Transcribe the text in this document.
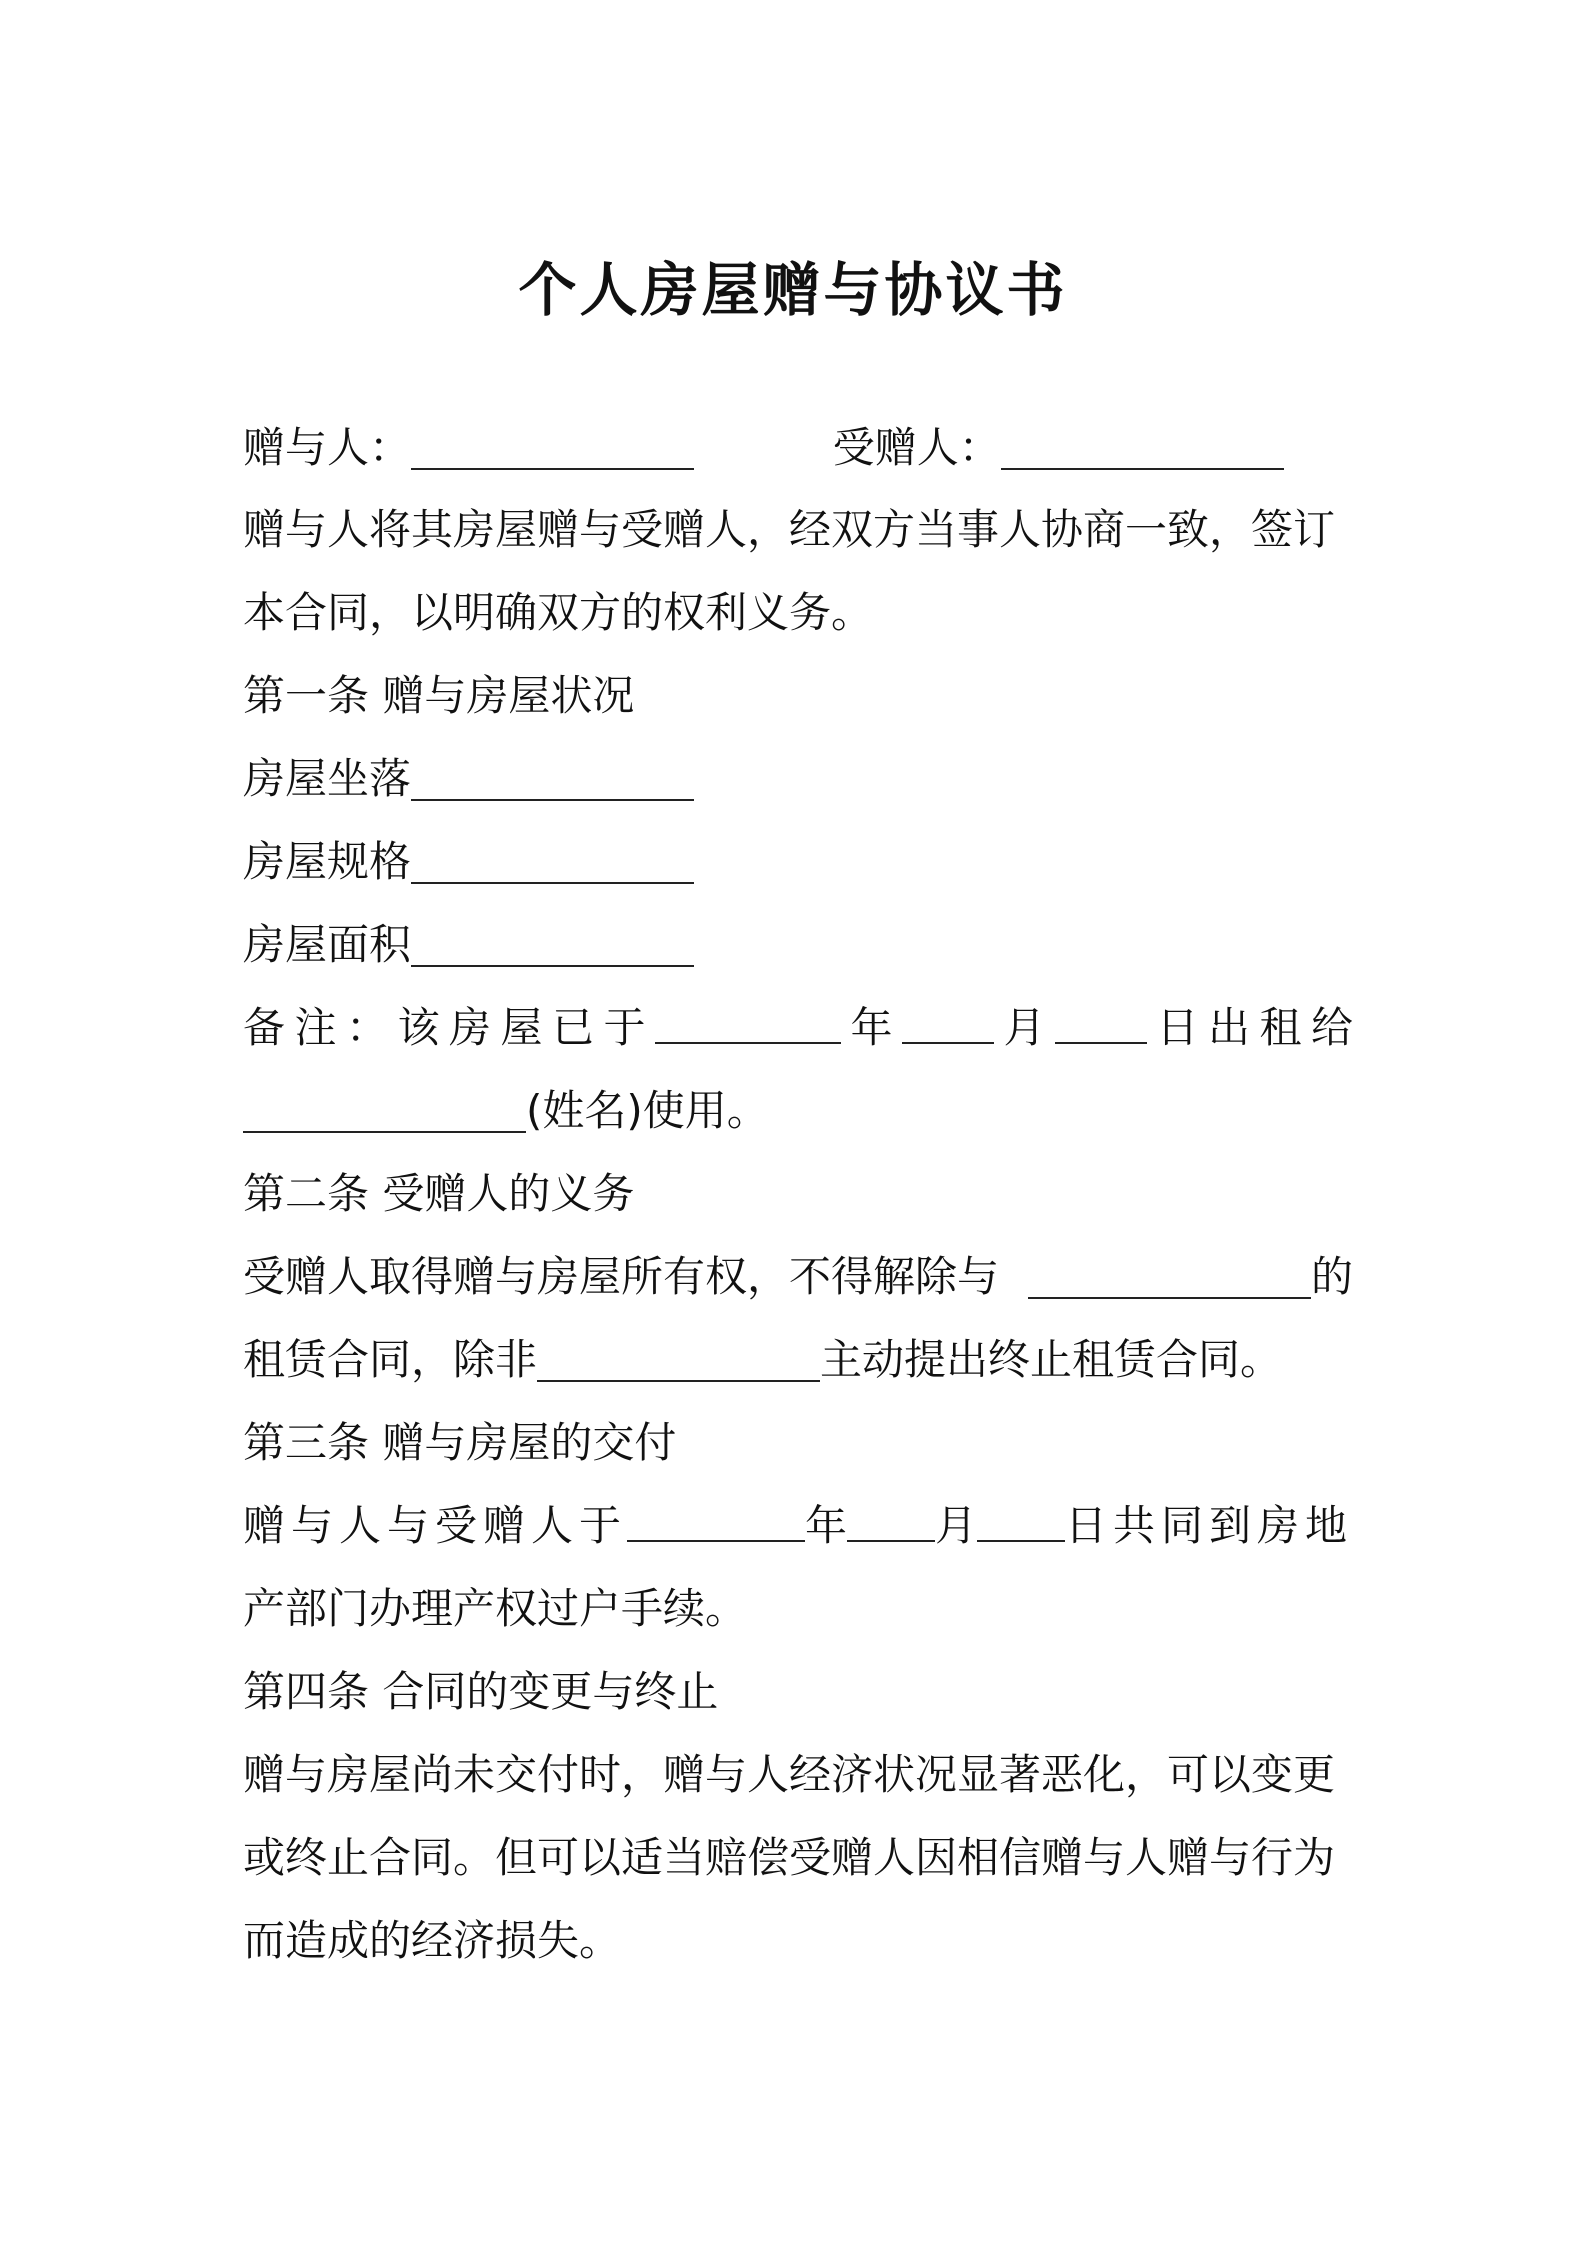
个人房屋赠与协议书
赠与人：	受赠人：
赠与人将其房屋赠与受赠人，经双方当事人协商一致，签订
本合同，以明确双方的权利义务。
第一条 赠与房屋状况
房屋坐落
房屋规格
房屋面积
备 注 ： 该 房 屋 已 于	年	月	日 出 租 给
(姓名)使用。
第二条 受赠人的义务
受赠人取得赠与房屋所有权，不得解除与	的
租赁合同，除非	主动提出终止租赁合同。
第三条 赠与房屋的交付
赠与人与受赠人于	年 月 日共同到房地
产部门办理产权过户手续。
第四条 合同的变更与终止
赠与房屋尚未交付时，赠与人经济状况显著恶化，可以变更
或终止合同。但可以适当赔偿受赠人因相信赠与人赠与行为
而造成的经济损失。
